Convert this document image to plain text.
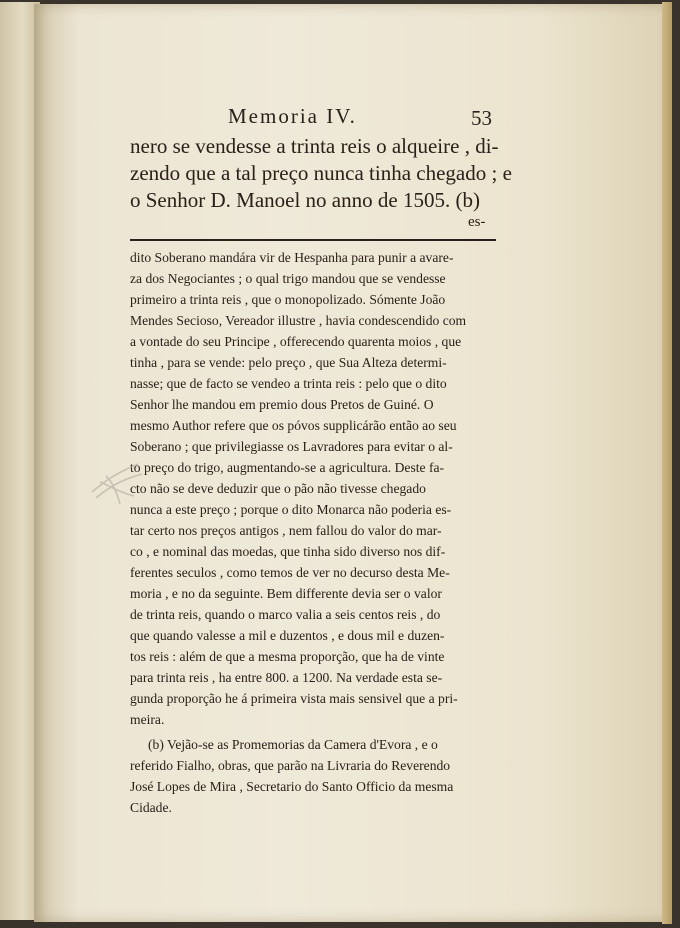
Memoria IV.	53
nero se vendesse a trinta reis o alqueire , di-
zendo que a tal preço nunca tinha chegado ; e
o Senhor D. Manoel no anno de 1505. (b)
es-
dito Soberano mandára vir de Hespanha para punir a avare-
za dos Negociantes ; o qual trigo mandou que se vendesse
primeiro a trinta reis , que o monopolizado. Sómente João
Mendes Secioso, Vereador illustre , havia condescendido com
a vontade do seu Principe , offerecendo quarenta moios , que
tinha , para se vende: pelo preço , que Sua Alteza determi-
nasse; que de facto se vendeo a trinta reis : pelo que o dito
Senhor lhe mandou em premio dous Pretos de Guiné. O
mesmo Author refere que os póvos supplicárão então ao seu
Soberano ; que privilegiasse os Lavradores para evitar o al-
to preço do trigo, augmentando-se a agricultura. Deste fa-
cto não se deve deduzir que o pão não tivesse chegado
nunca a este preço ; porque o dito Monarca não poderia es-
tar certo nos preços antigos , nem fallou do valor do mar-
co , e nominal das moedas, que tinha sido diverso nos dif-
ferentes seculos , como temos de ver no decurso desta Me-
moria , e no da seguinte. Bem differente devia ser o valor
de trinta reis, quando o marco valia a seis centos reis , do
que quando valesse a mil e duzentos , e dous mil e duzen-
tos reis : além de que a mesma proporção, que ha de vinte
para trinta reis , ha entre 800. a 1200. Na verdade esta se-
gunda proporção he á primeira vista mais sensivel que a pri-
meira.
(b) Vejão-se as Promemorias da Camera d'Evora , e o
referido Fialho, obras, que parão na Livraria do Reverendo
José Lopes de Mira , Secretario do Santo Officio da mesma
Cidade.
